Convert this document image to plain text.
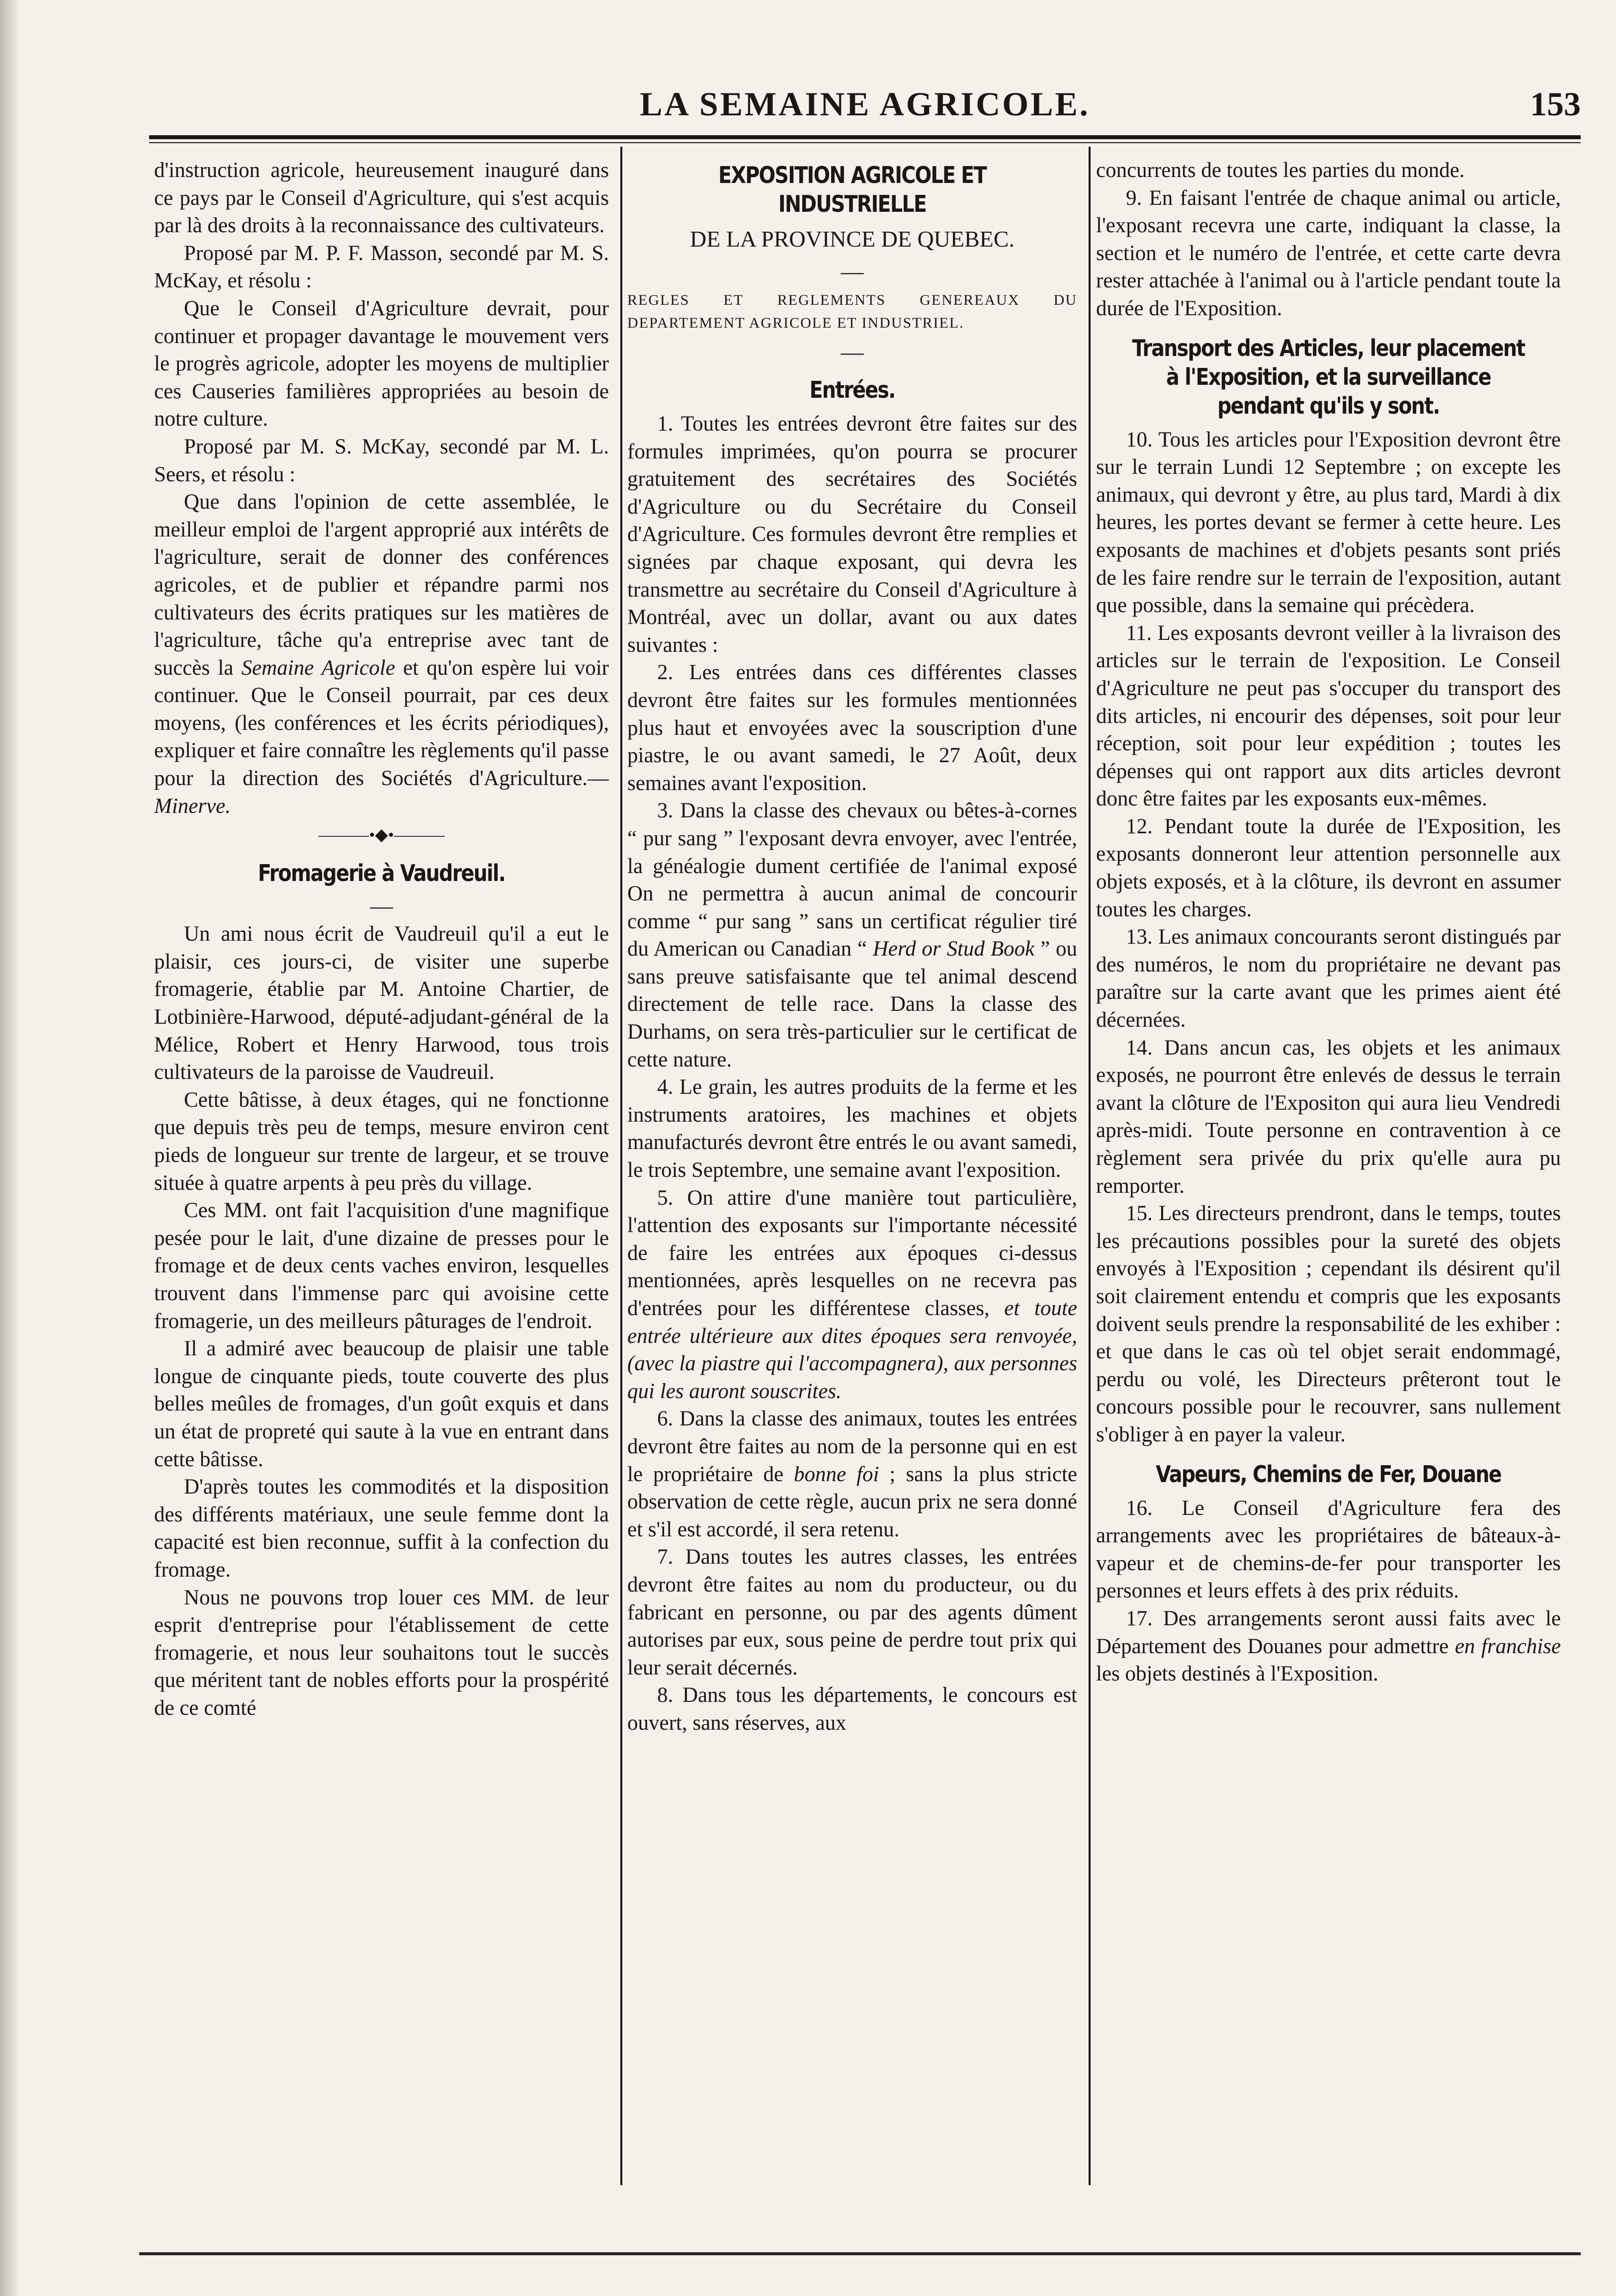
LA SEMAINE AGRICOLE.	153

d'instruction agricole, heureusement inauguré dans ce pays par le Conseil d'Agriculture, qui s'est acquis par là des droits à la reconnaissance des cultivateurs.

Proposé par M. P. F. Masson, secondé par M. S. McKay, et résolu :

Que le Conseil d'Agriculture devrait, pour continuer et propager davantage le mouvement vers le progrès agricole, adopter les moyens de multiplier ces Causeries familières appropriées au besoin de notre culture.

Proposé par M. S. McKay, secondé par M. L. Seers, et résolu :

Que dans l'opinion de cette assemblée, le meilleur emploi de l'argent approprié aux intérêts de l'agriculture, serait de donner des conférences agricoles, et de publier et répandre parmi nos cultivateurs des écrits pratiques sur les matières de l'agriculture, tâche qu'a entreprise avec tant de succès la Semaine Agricole et qu'on espère lui voir continuer. Que le Conseil pourrait, par ces deux moyens, (les conférences et les écrits périodiques), expliquer et faire connaître les règlements qu'il passe pour la direction des Sociétés d'Agriculture.—Minerve.

———•◆•———
Fromagerie à Vaudreuil.
—

Un ami nous écrit de Vaudreuil qu'il a eut le plaisir, ces jours-ci, de visiter une superbe fromagerie, établie par M. Antoine Chartier, de Lotbinière-Harwood, député-adjudant-général de la Mélice, Robert et Henry Harwood, tous trois cultivateurs de la paroisse de Vaudreuil.

Cette bâtisse, à deux étages, qui ne fonctionne que depuis très peu de temps, mesure environ cent pieds de longueur sur trente de largeur, et se trouve située à quatre arpents à peu près du village.

Ces MM. ont fait l'acquisition d'une magnifique pesée pour le lait, d'une dizaine de presses pour le fromage et de deux cents vaches environ, lesquelles trouvent dans l'immense parc qui avoisine cette fromagerie, un des meilleurs pâturages de l'endroit.

Il a admiré avec beaucoup de plaisir une table longue de cinquante pieds, toute couverte des plus belles meûles de fromages, d'un goût exquis et dans un état de propreté qui saute à la vue en entrant dans cette bâtisse.

D'après toutes les commodités et la disposition des différents matériaux, une seule femme dont la capacité est bien reconnue, suffit à la confection du fromage.

Nous ne pouvons trop louer ces MM. de leur esprit d'entreprise pour l'établissement de cette fromagerie, et nous leur souhaitons tout le succès que méritent tant de nobles efforts pour la prospérité de ce comté

EXPOSITION AGRICOLE ET INDUSTRIELLE
DE LA PROVINCE DE QUEBEC.
—
REGLES ET REGLEMENTS GENEREAUX DU DEPARTEMENT AGRICOLE ET INDUSTRIEL.
—
Entrées.

1. Toutes les entrées devront être faites sur des formules imprimées, qu'on pourra se procurer gratuitement des secrétaires des Sociétés d'Agriculture ou du Secrétaire du Conseil d'Agriculture. Ces formules devront être remplies et signées par chaque exposant, qui devra les transmettre au secrétaire du Conseil d'Agriculture à Montréal, avec un dollar, avant ou aux dates suivantes :

2. Les entrées dans ces différentes classes devront être faites sur les formules mentionnées plus haut et envoyées avec la souscription d'une piastre, le ou avant samedi, le 27 Août, deux semaines avant l'exposition.

3. Dans la classe des chevaux ou bêtes-à-cornes “ pur sang ” l'exposant devra envoyer, avec l'entrée, la généalogie dument certifiée de l'animal exposé On ne permettra à aucun animal de concourir comme “ pur sang ” sans un certificat régulier tiré du American ou Canadian “ Herd or Stud Book ” ou sans preuve satisfaisante que tel animal descend directement de telle race. Dans la classe des Durhams, on sera très-particulier sur le certificat de cette nature.

4. Le grain, les autres produits de la ferme et les instruments aratoires, les machines et objets manufacturés devront être entrés le ou avant samedi, le trois Septembre, une semaine avant l'exposition.

5. On attire d'une manière tout particulière, l'attention des exposants sur l'importante nécessité de faire les entrées aux époques ci-dessus mentionnées, après lesquelles on ne recevra pas d'entrées pour les différentese classes, et toute entrée ultérieure aux dites époques sera renvoyée, (avec la piastre qui l'accompagnera), aux personnes qui les auront souscrites.

6. Dans la classe des animaux, toutes les entrées devront être faites au nom de la personne qui en est le propriétaire de bonne foi ; sans la plus stricte observation de cette règle, aucun prix ne sera donné et s'il est accordé, il sera retenu.

7. Dans toutes les autres classes, les entrées devront être faites au nom du producteur, ou du fabricant en personne, ou par des agents dûment autorises par eux, sous peine de perdre tout prix qui leur serait décernés.

8. Dans tous les départements, le concours est ouvert, sans réserves, aux

concurrents de toutes les parties du monde.

9. En faisant l'entrée de chaque animal ou article, l'exposant recevra une carte, indiquant la classe, la section et le numéro de l'entrée, et cette carte devra rester attachée à l'animal ou à l'article pendant toute la durée de l'Exposition.

Transport des Articles, leur placement à l'Exposition, et la surveillance pendant qu'ils y sont.

10. Tous les articles pour l'Exposition devront être sur le terrain Lundi 12 Septembre ; on excepte les animaux, qui devront y être, au plus tard, Mardi à dix heures, les portes devant se fermer à cette heure. Les exposants de machines et d'objets pesants sont priés de les faire rendre sur le terrain de l'exposition, autant que possible, dans la semaine qui précèdera.

11. Les exposants devront veiller à la livraison des articles sur le terrain de l'exposition. Le Conseil d'Agriculture ne peut pas s'occuper du transport des dits articles, ni encourir des dépenses, soit pour leur réception, soit pour leur expédition ; toutes les dépenses qui ont rapport aux dits articles devront donc être faites par les exposants eux-mêmes.

12. Pendant toute la durée de l'Exposition, les exposants donneront leur attention personnelle aux objets exposés, et à la clôture, ils devront en assumer toutes les charges.

13. Les animaux concourants seront distingués par des numéros, le nom du propriétaire ne devant pas paraître sur la carte avant que les primes aient été décernées.

14. Dans ancun cas, les objets et les animaux exposés, ne pourront être enlevés de dessus le terrain avant la clôture de l'Expositon qui aura lieu Vendredi après-midi. Toute personne en contravention à ce règlement sera privée du prix qu'elle aura pu remporter.

15. Les directeurs prendront, dans le temps, toutes les précautions possibles pour la sureté des objets envoyés à l'Exposition ; cependant ils désirent qu'il soit clairement entendu et compris que les exposants doivent seuls prendre la responsabilité de les exhiber : et que dans le cas où tel objet serait endommagé, perdu ou volé, les Directeurs prêteront tout le concours possible pour le recouvrer, sans nullement s'obliger à en payer la valeur.

Vapeurs, Chemins de Fer, Douane

16. Le Conseil d'Agriculture fera des arrangements avec les propriétaires de bâteaux-à-vapeur et de chemins-de-fer pour transporter les personnes et leurs effets à des prix réduits.

17. Des arrangements seront aussi faits avec le Département des Douanes pour admettre en franchise les objets destinés à l'Exposition.
